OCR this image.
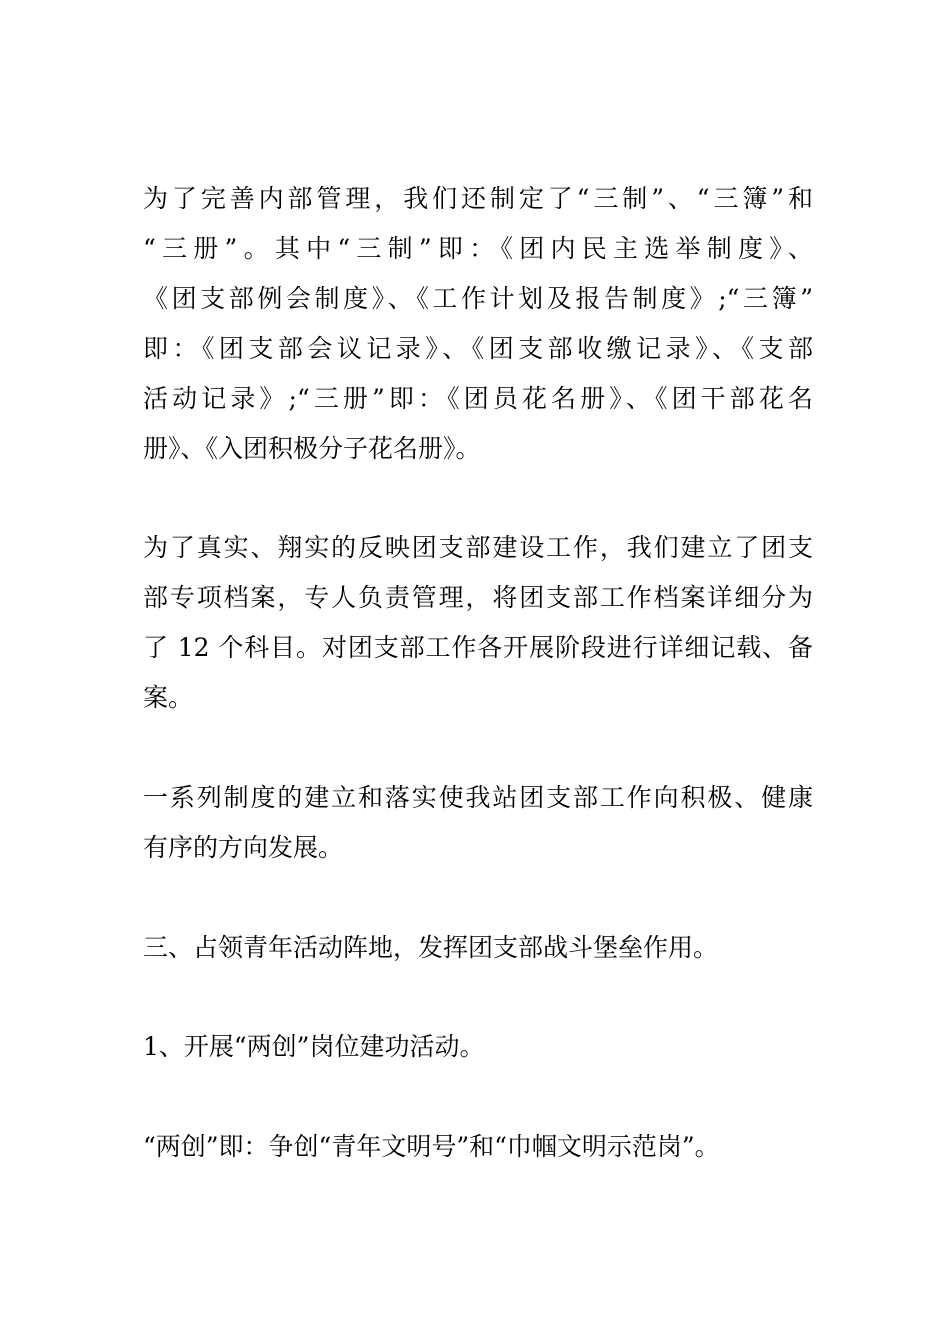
为了完善内部管理，我们还制定了“三制”、“三簿”和
“三册”。其中“三制”即：《团内民主选举制度》、
《团支部例会制度》、《工作计划及报告制度》;“三簿”
即：《团支部会议记录》、《团支部收缴记录》、《支部
活动记录》;“三册”即：《团员花名册》、《团干部花名
册》、《入团积极分子花名册》。

为了真实、翔实的反映团支部建设工作，我们建立了团支
部专项档案，专人负责管理，将团支部工作档案详细分为
了 12 个科目。对团支部工作各开展阶段进行详细记载、备
案。

一系列制度的建立和落实使我站团支部工作向积极、健康
有序的方向发展。

三、占领青年活动阵地，发挥团支部战斗堡垒作用。

1、开展“两创”岗位建功活动。

“两创”即：争创“青年文明号”和“巾帼文明示范岗”。
